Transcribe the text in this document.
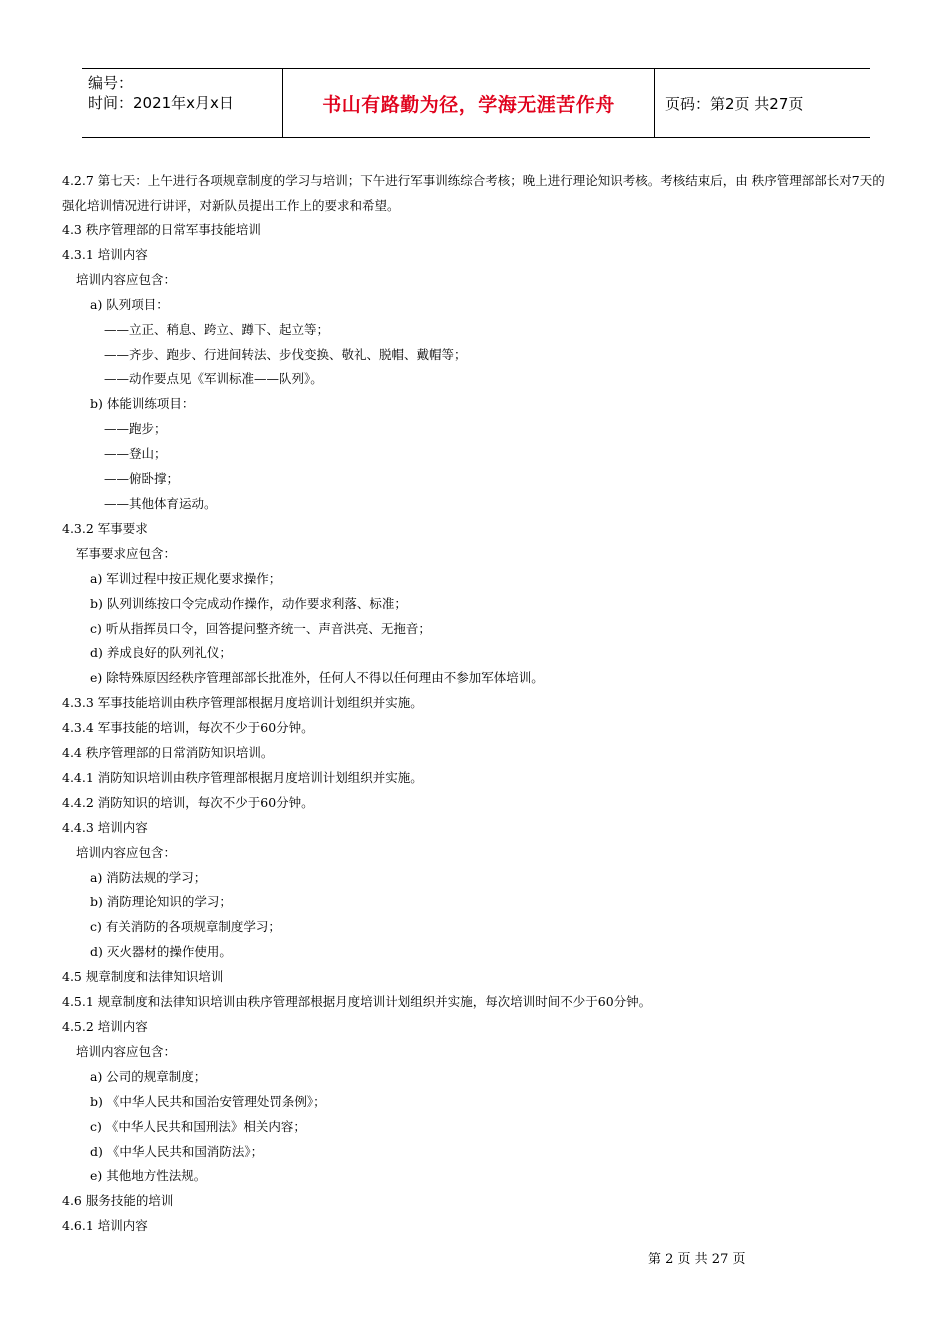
编号：
时间：2021年x月x日	书山有路勤为径，学海无涯苦作舟	页码：第2页 共27页
4.2.7 第七天：上午进行各项规章制度的学习与培训；下午进行军事训练综合考核；晚上进行理论知识考核。考核结束后，由 秩序管理部部长对7天的强化培训情况进行讲评，对新队员提出工作上的要求和希望。
4.3 秩序管理部的日常军事技能培训
4.3.1 培训内容
培训内容应包含：
a) 队列项目：
——立正、稍息、跨立、蹲下、起立等；
——齐步、跑步、行进间转法、步伐变换、敬礼、脱帽、戴帽等；
——动作要点见《军训标准——队列》。
b) 体能训练项目：
——跑步；
——登山；
——俯卧撑；
——其他体育运动。
4.3.2 军事要求
军事要求应包含：
a) 军训过程中按正规化要求操作；
b) 队列训练按口令完成动作操作，动作要求利落、标准；
c) 听从指挥员口令，回答提问整齐统一、声音洪亮、无拖音；
d) 养成良好的队列礼仪；
e) 除特殊原因经秩序管理部部长批准外，任何人不得以任何理由不参加军体培训。
4.3.3 军事技能培训由秩序管理部根据月度培训计划组织并实施。
4.3.4 军事技能的培训，每次不少于60分钟。
4.4 秩序管理部的日常消防知识培训。
4.4.1 消防知识培训由秩序管理部根据月度培训计划组织并实施。
4.4.2 消防知识的培训，每次不少于60分钟。
4.4.3 培训内容
培训内容应包含：
a) 消防法规的学习；
b) 消防理论知识的学习；
c) 有关消防的各项规章制度学习；
d) 灭火器材的操作使用。
4.5 规章制度和法律知识培训
4.5.1 规章制度和法律知识培训由秩序管理部根据月度培训计划组织并实施，每次培训时间不少于60分钟。
4.5.2 培训内容
培训内容应包含：
a) 公司的规章制度；
b) 《中华人民共和国治安管理处罚条例》；
c) 《中华人民共和国刑法》相关内容；
d) 《中华人民共和国消防法》；
e) 其他地方性法规。
4.6 服务技能的培训
4.6.1 培训内容
第 2 页 共 27 页
